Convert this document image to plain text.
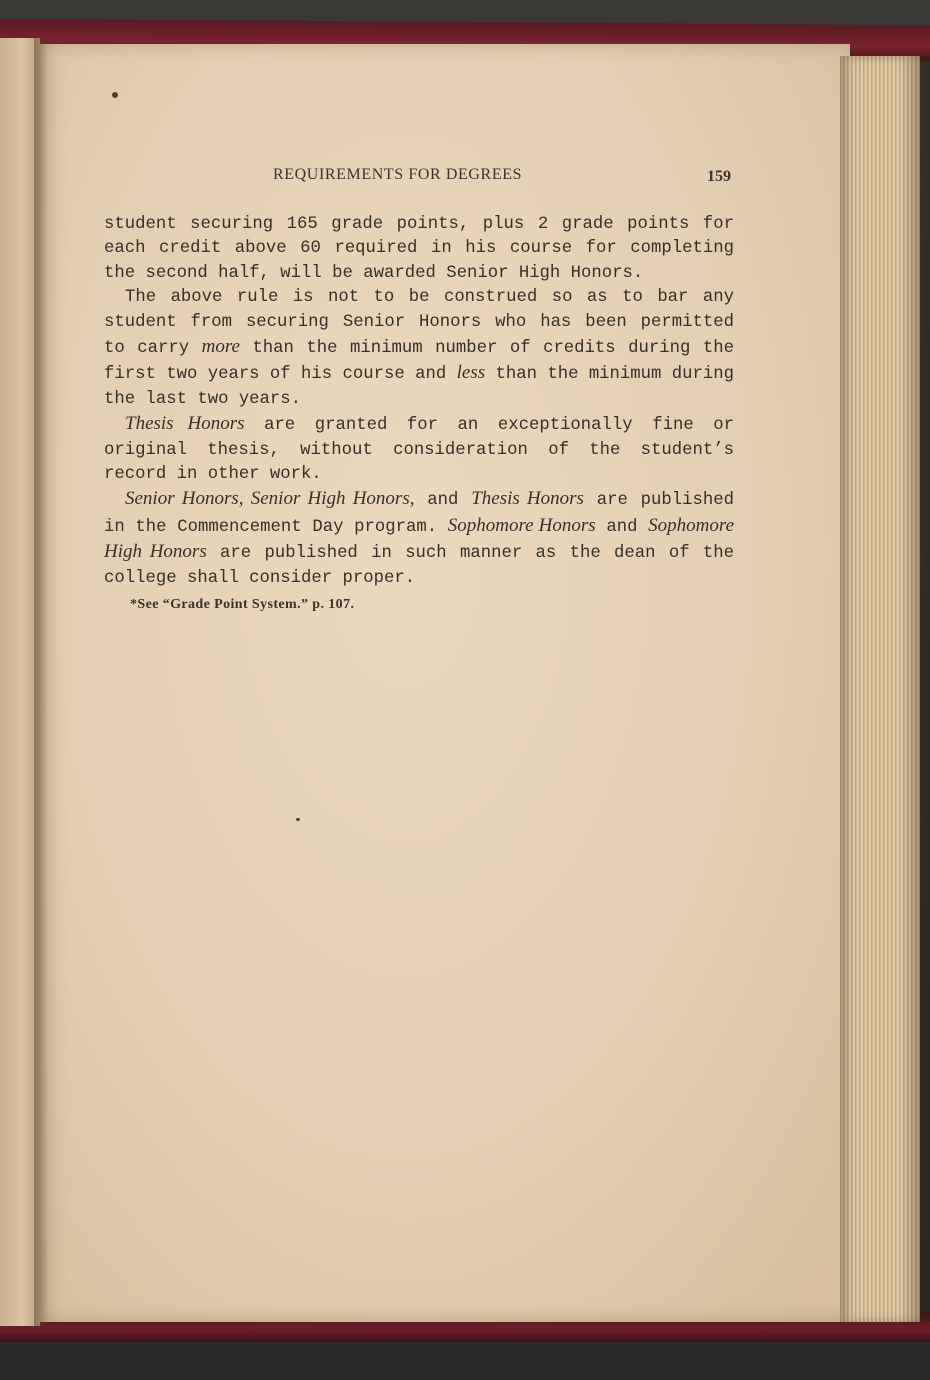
REQUIREMENTS FOR DEGREES	159

student securing 165 grade points, plus 2 grade points for each credit above 60 required in his course for completing the second half, will be awarded Senior High Honors.

The above rule is not to be construed so as to bar any student from securing Senior Honors who has been permitted to carry more than the minimum number of credits during the first two years of his course and less than the minimum during the last two years.

Thesis Honors are granted for an exceptionally fine or original thesis, without consideration of the student’s record in other work.

Senior Honors, Senior High Honors, and Thesis Honors are published in the Commencement Day program. Sophomore Honors and Sophomore High Honors are published in such manner as the dean of the college shall consider proper.

*See “Grade Point System.” p. 107.
